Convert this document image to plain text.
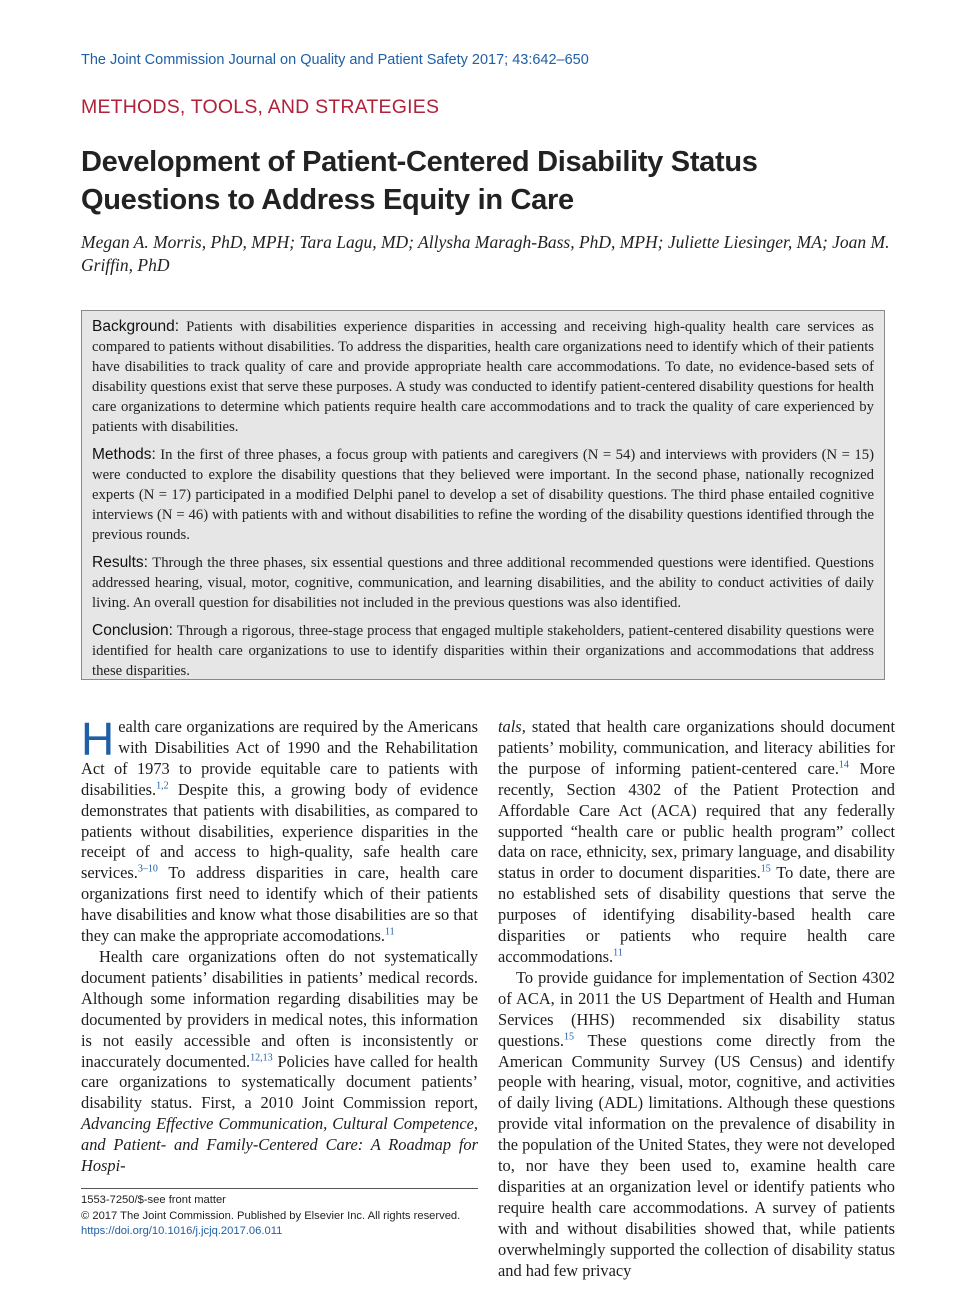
The Joint Commission Journal on Quality and Patient Safety 2017; 43:642–650
METHODS, TOOLS, AND STRATEGIES
Development of Patient-Centered Disability Status Questions to Address Equity in Care
Megan A. Morris, PhD, MPH; Tara Lagu, MD; Allysha Maragh-Bass, PhD, MPH; Juliette Liesinger, MA; Joan M. Griffin, PhD

Background: Patients with disabilities experience disparities in accessing and receiving high-quality health care services as compared to patients without disabilities. To address the disparities, health care organizations need to identify which of their patients have disabilities to track quality of care and provide appropriate health care accommodations. To date, no evidence-based sets of disability questions exist that serve these purposes. A study was conducted to identify patient-centered disability questions for health care organizations to determine which patients require health care accommodations and to track the quality of care experienced by patients with disabilities.

Methods: In the first of three phases, a focus group with patients and caregivers (N = 54) and interviews with providers (N = 15) were conducted to explore the disability questions that they believed were important. In the second phase, nationally recognized experts (N = 17) participated in a modified Delphi panel to develop a set of disability questions. The third phase entailed cognitive interviews (N = 46) with patients with and without disabilities to refine the wording of the disability questions identified through the previous rounds.

Results: Through the three phases, six essential questions and three additional recommended questions were identified. Questions addressed hearing, visual, motor, cognitive, communication, and learning disabilities, and the ability to conduct activities of daily living. An overall question for disabilities not included in the previous questions was also identified.

Conclusion: Through a rigorous, three-stage process that engaged multiple stakeholders, patient-centered disability questions were identified for health care organizations to use to identify disparities within their organizations and accommodations that address these disparities.

Health care organizations are required by the Americans with Disabilities Act of 1990 and the Rehabilitation Act of 1973 to provide equitable care to patients with disabilities.$^{1,2}$ Despite this, a growing body of evidence demonstrates that patients with disabilities, as compared to patients without disabilities, experience disparities in the receipt of and access to high-quality, safe health care services.$^{3-10}$ To address disparities in care, health care organizations first need to identify which of their patients have disabilities and know what those disabilities are so that they can make the appropriate accomodations.$^{11}$

Health care organizations often do not systematically document patients’ disabilities in patients’ medical records. Although some information regarding disabilities may be documented by providers in medical notes, this information is not easily accessible and often is inconsistently or inaccurately documented.$^{12,13}$ Policies have called for health care organizations to systematically document patients’ disability status. First, a 2010 Joint Commission report, Advancing Effective Communication, Cultural Competence, and Patient- and Family-Centered Care: A Roadmap for Hospi-

tals, stated that health care organizations should document patients’ mobility, communication, and literacy abilities for the purpose of informing patient-centered care.$^{14}$ More recently, Section 4302 of the Patient Protection and Affordable Care Act (ACA) required that any federally supported “health care or public health program” collect data on race, ethnicity, sex, primary language, and disability status in order to document disparities.$^{15}$ To date, there are no established sets of disability questions that serve the purposes of identifying disability-based health care disparities or patients who require health care accommodations.$^{11}$

To provide guidance for implementation of Section 4302 of ACA, in 2011 the US Department of Health and Human Services (HHS) recommended six disability status questions.$^{15}$ These questions come directly from the American Community Survey (US Census) and identify people with hearing, visual, motor, cognitive, and activities of daily living (ADL) limitations. Although these questions provide vital information on the prevalence of disability in the population of the United States, they were not developed to, nor have they been used to, examine health care disparities at an organization level or identify patients who require health care accommodations. A survey of patients with and without disabilities showed that, while patients overwhelmingly supported the collection of disability status and had few privacy

1553-7250/$-see front matter
© 2017 The Joint Commission. Published by Elsevier Inc. All rights reserved.
https://doi.org/10.1016/j.jcjq.2017.06.011
